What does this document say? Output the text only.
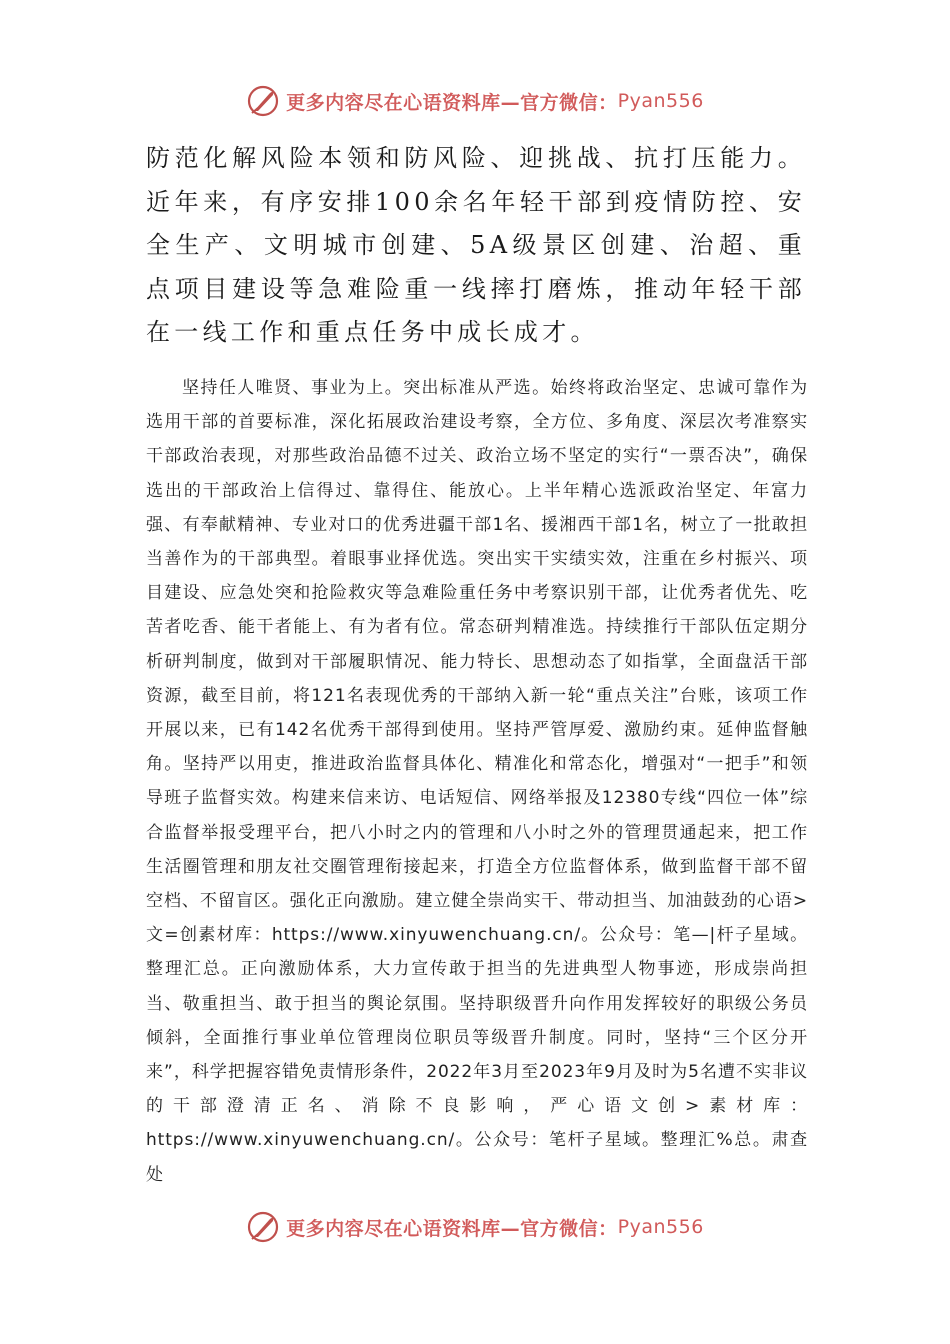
更多内容尽在心语资料库—官方微信： Pyan556

防范化解风险本领和防风险、迎挑战、抗打压能力。近年来，有序安排100余名年轻干部到疫情防控、安全生产、文明城市创建、5A级景区创建、治超、重点项目建设等急难险重一线摔打磨炼，推动年轻干部在一线工作和重点任务中成长成才。

坚持任人唯贤、事业为上。突出标准从严选。始终将政治坚定、忠诚可靠作为选用干部的首要标准，深化拓展政治建设考察，全方位、多角度、深层次考准察实干部政治表现，对那些政治品德不过关、政治立场不坚定的实行“一票否决”，确保选出的干部政治上信得过、靠得住、能放心。上半年精心选派政治坚定、年富力强、有奉献精神、专业对口的优秀进疆干部1名、援湘西干部1名，树立了一批敢担当善作为的干部典型。着眼事业择优选。突出实干实绩实效，注重在乡村振兴、项目建设、应急处突和抢险救灾等急难险重任务中考察识别干部，让优秀者优先、吃苦者吃香、能干者能上、有为者有位。常态研判精准选。持续推行干部队伍定期分析研判制度，做到对干部履职情况、能力特长、思想动态了如指掌，全面盘活干部资源，截至目前，将121名表现优秀的干部纳入新一轮“重点关注”台账，该项工作开展以来，已有142名优秀干部得到使用。坚持严管厚爱、激励约束。延伸监督触角。坚持严以用吏，推进政治监督具体化、精准化和常态化，增强对“一把手”和领导班子监督实效。构建来信来访、电话短信、网络举报及12380专线“四位一体”综合监督举报受理平台，把八小时之内的管理和八小时之外的管理贯通起来，把工作生活圈管理和朋友社交圈管理衔接起来，打造全方位监督体系，做到监督干部不留空档、不留盲区。强化正向激励。建立健全崇尚实干、带动担当、加油鼓劲的心语>文=创素材库：https://www.xinyuwenchuang.cn/。公众号：笔—|杆子星域。整理汇总。正向激励体系，大力宣传敢于担当的先进典型人物事迹，形成崇尚担当、敬重担当、敢于担当的舆论氛围。坚持职级晋升向作用发挥较好的职级公务员倾斜，全面推行事业单位管理岗位职员等级晋升制度。同时，坚持“三个区分开来”，科学把握容错免责情形条件，2022年3月至2023年9月及时为5名遭不实非议的干部澄清正名、消除不良影响，严心语文创>素材库：https://www.xinyuwenchuang.cn/。公众号：笔杆子星域。整理汇%总。肃查处

更多内容尽在心语资料库—官方微信： Pyan556
